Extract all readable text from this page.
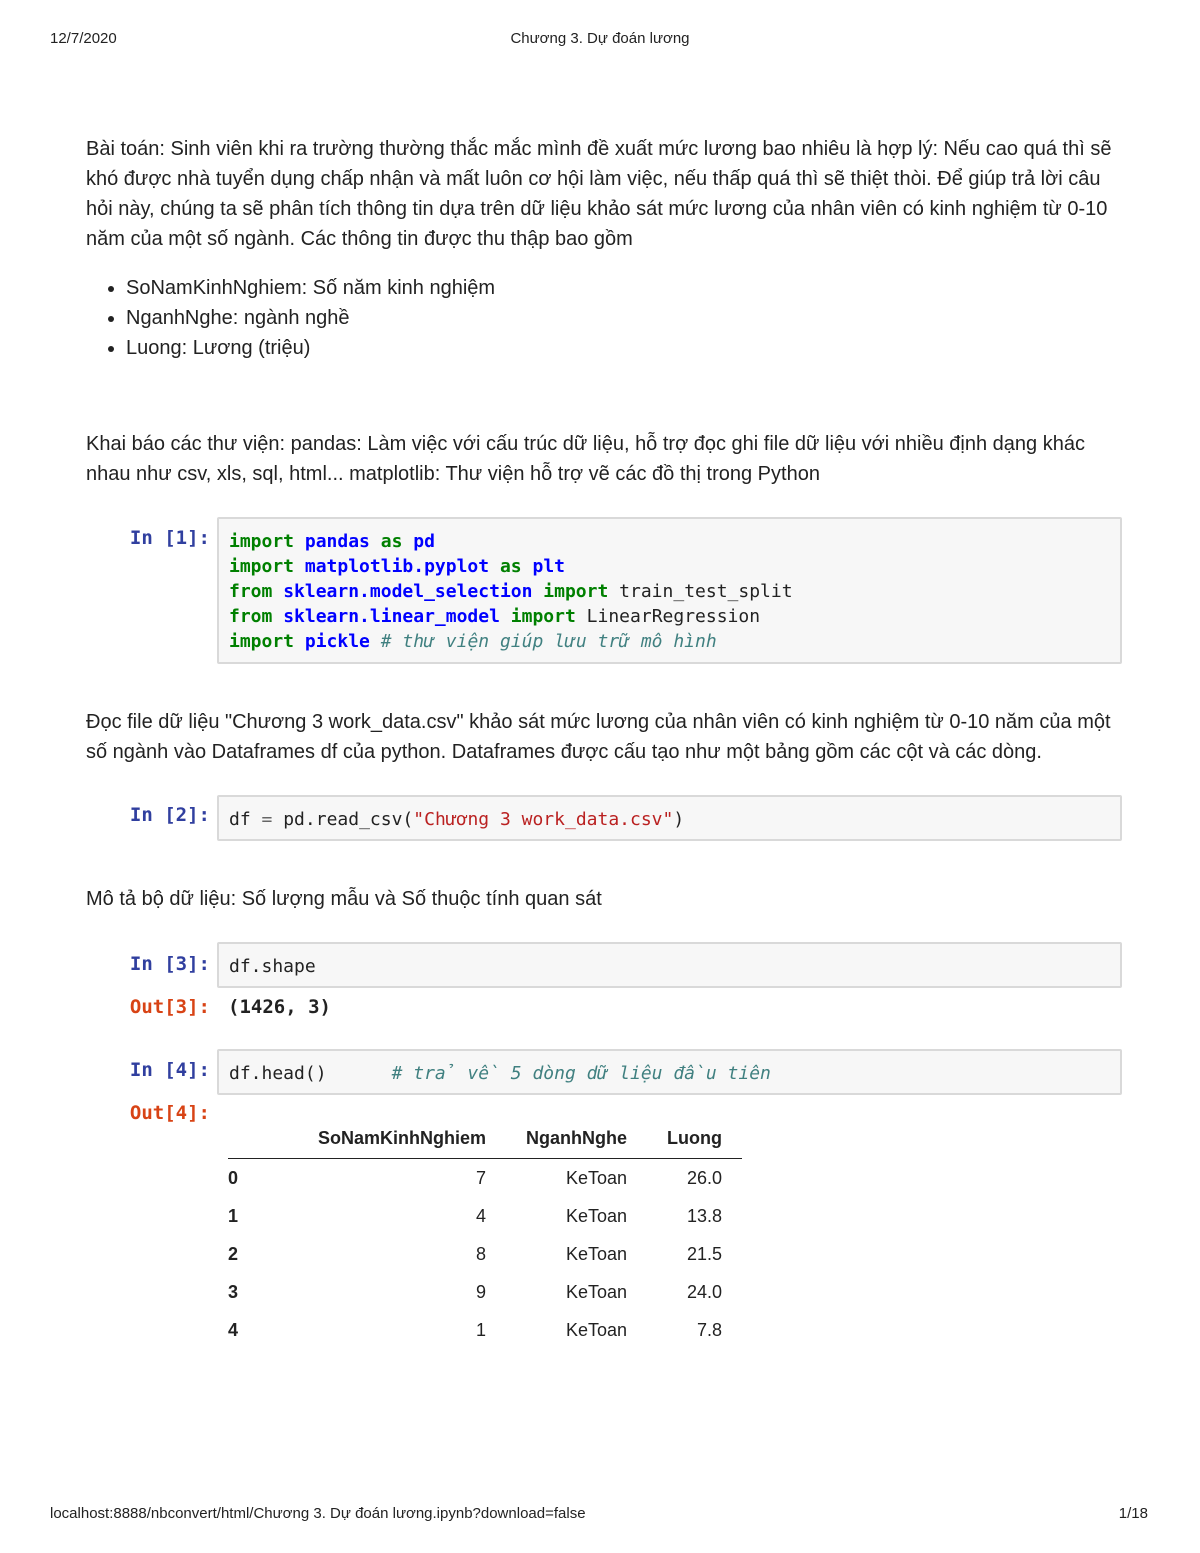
12/7/2020	Chương 3. Dự đoán lương

Bài toán: Sinh viên khi ra trường thường thắc mắc mình đề xuất mức lương bao nhiêu là hợp lý: Nếu cao quá thì sẽ khó được nhà tuyển dụng chấp nhận và mất luôn cơ hội làm việc, nếu thấp quá thì sẽ thiệt thòi. Để giúp trả lời câu hỏi này, chúng ta sẽ phân tích thông tin dựa trên dữ liệu khảo sát mức lương của nhân viên có kinh nghiệm từ 0-10 năm của một số ngành. Các thông tin được thu thập bao gồm

• SoNamKinhNghiem: Số năm kinh nghiệm
• NganhNghe: ngành nghề
• Luong: Lương (triệu)

Khai báo các thư viện: pandas: Làm việc với cấu trúc dữ liệu, hỗ trợ đọc ghi file dữ liệu với nhiều định dạng khác nhau như csv, xls, sql, html... matplotlib: Thư viện hỗ trợ vẽ các đồ thị trong Python

In [1]:	import pandas as pd
import matplotlib.pyplot as plt
from sklearn.model_selection import train_test_split
from sklearn.linear_model import LinearRegression
import pickle # thư viện giúp lưu trữ mô hình

Đọc file dữ liệu "Chương 3 work_data.csv" khảo sát mức lương của nhân viên có kinh nghiệm từ 0-10 năm của một số ngành vào Dataframes df của python. Dataframes được cấu tạo như một bảng gồm các cột và các dòng.

In [2]:	df = pd.read_csv("Chương 3 work_data.csv")

Mô tả bộ dữ liệu: Số lượng mẫu và Số thuộc tính quan sát

In [3]:	df.shape
Out[3]: (1426, 3)
In [4]:	df.head()	# trả về 5 dòng dữ liệu đầu tiên
Out[4]:
	SoNamKinhNghiem	NganhNghe	Luong
0	7	KeToan	26.0
1	4	KeToan	13.8
2	8	KeToan	21.5
3	9	KeToan	24.0
4	1	KeToan	7.8
localhost:8888/nbconvert/html/Chương 3. Dự đoán lương.ipynb?download=false	1/18
